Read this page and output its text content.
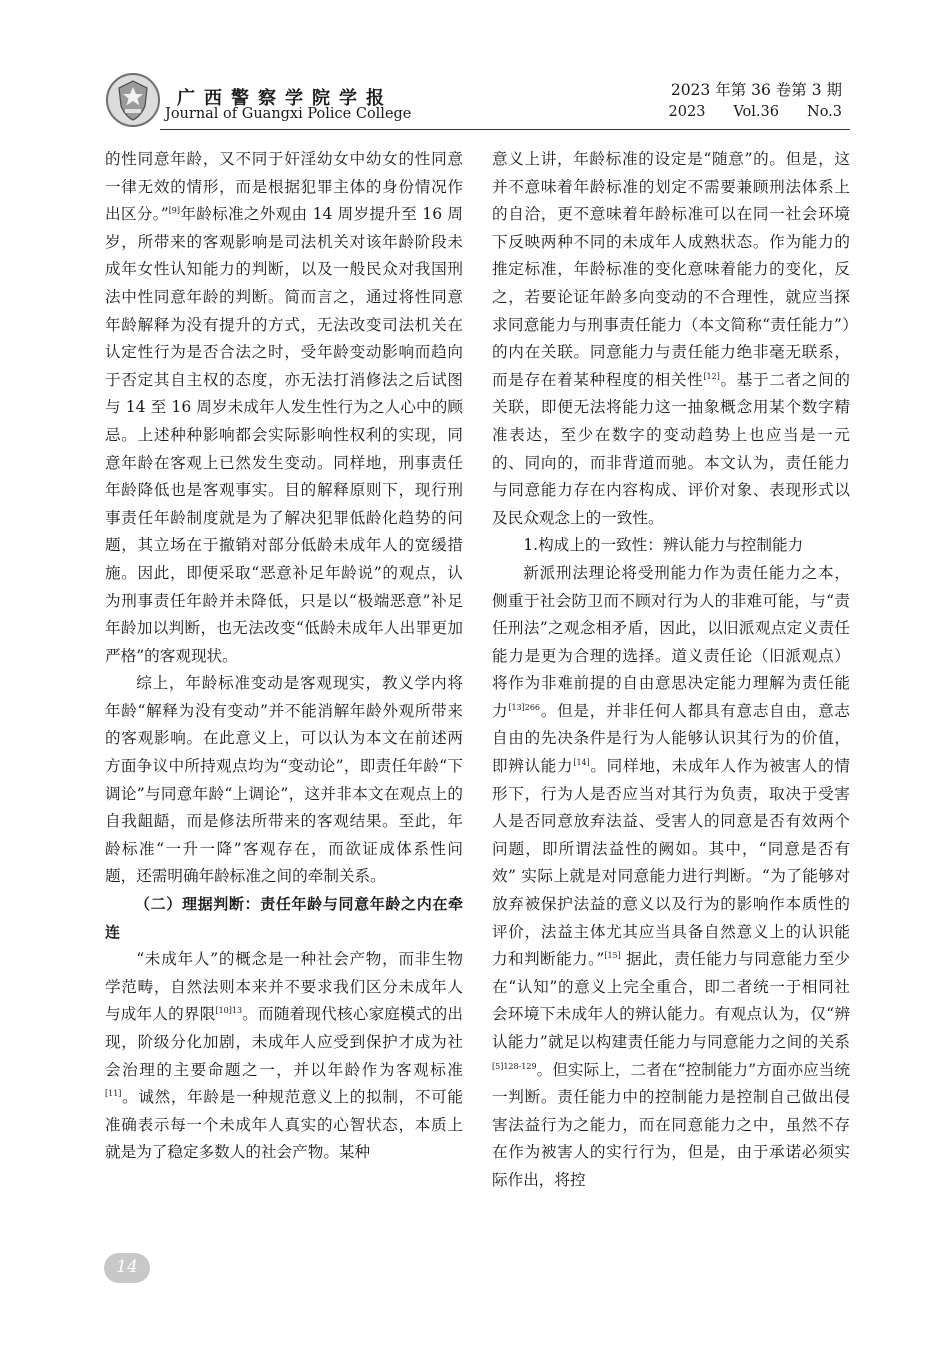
广西警察学院学报
Journal of Guangxi Police College
2023 年第 36 卷第 3 期
2023 Vol.36 No.3

的性同意年龄，又不同于奸淫幼女中幼女的性同意一律无效的情形，而是根据犯罪主体的身份情况作出区分。”[9]年龄标准之外观由 14 周岁提升至 16 周岁，所带来的客观影响是司法机关对该年龄阶段未成年女性认知能力的判断，以及一般民众对我国刑法中性同意年龄的判断。简而言之，通过将性同意年龄解释为没有提升的方式，无法改变司法机关在认定性行为是否合法之时，受年龄变动影响而趋向于否定其自主权的态度，亦无法打消修法之后试图与 14 至 16 周岁未成年人发生性行为之人心中的顾忌。上述种种影响都会实际影响性权利的实现，同意年龄在客观上已然发生变动。同样地，刑事责任年龄降低也是客观事实。目的解释原则下，现行刑事责任年龄制度就是为了解决犯罪低龄化趋势的问题，其立场在于撤销对部分低龄未成年人的宽缓措施。因此，即便采取“恶意补足年龄说”的观点，认为刑事责任年龄并未降低，只是以“极端恶意”补足年龄加以判断，也无法改变“低龄未成年人出罪更加严格”的客观现状。

综上，年龄标准变动是客观现实，教义学内将年龄“解释为没有变动”并不能消解年龄外观所带来的客观影响。在此意义上，可以认为本文在前述两方面争议中所持观点均为“变动论”，即责任年龄“下调论”与同意年龄“上调论”，这并非本文在观点上的自我龃龉，而是修法所带来的客观结果。至此，年龄标准“一升一降”客观存在，而欲证成体系性问题，还需明确年龄标准之间的牵制关系。

（二）理据判断：责任年龄与同意年龄之内在牵连

“未成年人”的概念是一种社会产物，而非生物学范畴，自然法则本来并不要求我们区分未成年人与成年人的界限$^{[10]13}$。而随着现代核心家庭模式的出现，阶级分化加剧，未成年人应受到保护才成为社会治理的主要命题之一，并以年龄作为客观标准[11]。诚然，年龄是一种规范意义上的拟制，不可能准确表示每一个未成年人真实的心智状态，本质上就是为了稳定多数人的社会产物。某种

意义上讲，年龄标准的设定是“随意”的。但是，这并不意味着年龄标准的划定不需要兼顾刑法体系上的自洽，更不意味着年龄标准可以在同一社会环境下反映两种不同的未成年人成熟状态。作为能力的推定标准，年龄标准的变化意味着能力的变化，反之，若要论证年龄多向变动的不合理性，就应当探求同意能力与刑事责任能力（本文简称“责任能力”）的内在关联。同意能力与责任能力绝非毫无联系，而是存在着某种程度的相关性[12]。基于二者之间的关联，即便无法将能力这一抽象概念用某个数字精准表达，至少在数字的变动趋势上也应当是一元的、同向的，而非背道而驰。本文认为，责任能力与同意能力存在内容构成、评价对象、表现形式以及民众观念上的一致性。

1.构成上的一致性：辨认能力与控制能力

新派刑法理论将受刑能力作为责任能力之本，侧重于社会防卫而不顾对行为人的非难可能，与“责任刑法”之观念相矛盾，因此，以旧派观点定义责任能力是更为合理的选择。道义责任论（旧派观点）将作为非难前提的自由意思决定能力理解为责任能力$^{[13]266}$。但是，并非任何人都具有意志自由，意志自由的先决条件是行为人能够认识其行为的价值，即辨认能力[14]。同样地，未成年人作为被害人的情形下，行为人是否应当对其行为负责，取决于受害人是否同意放弃法益、受害人的同意是否有效两个问题，即所谓法益性的阙如。其中，“同意是否有效” 实际上就是对同意能力进行判断。“为了能够对放弃被保护法益的意义以及行为的影响作本质性的评价，法益主体尤其应当具备自然意义上的认识能力和判断能力。”[15] 据此，责任能力与同意能力至少在“认知”的意义上完全重合，即二者统一于相同社会环境下未成年人的辨认能力。有观点认为，仅“辨认能力”就足以构建责任能力与同意能力之间的关系$^{[5]128-129}$。但实际上，二者在“控制能力”方面亦应当统一判断。责任能力中的控制能力是控制自己做出侵害法益行为之能力，而在同意能力之中，虽然不存在作为被害人的实行行为，但是，由于承诺必须实际作出，将控

14
